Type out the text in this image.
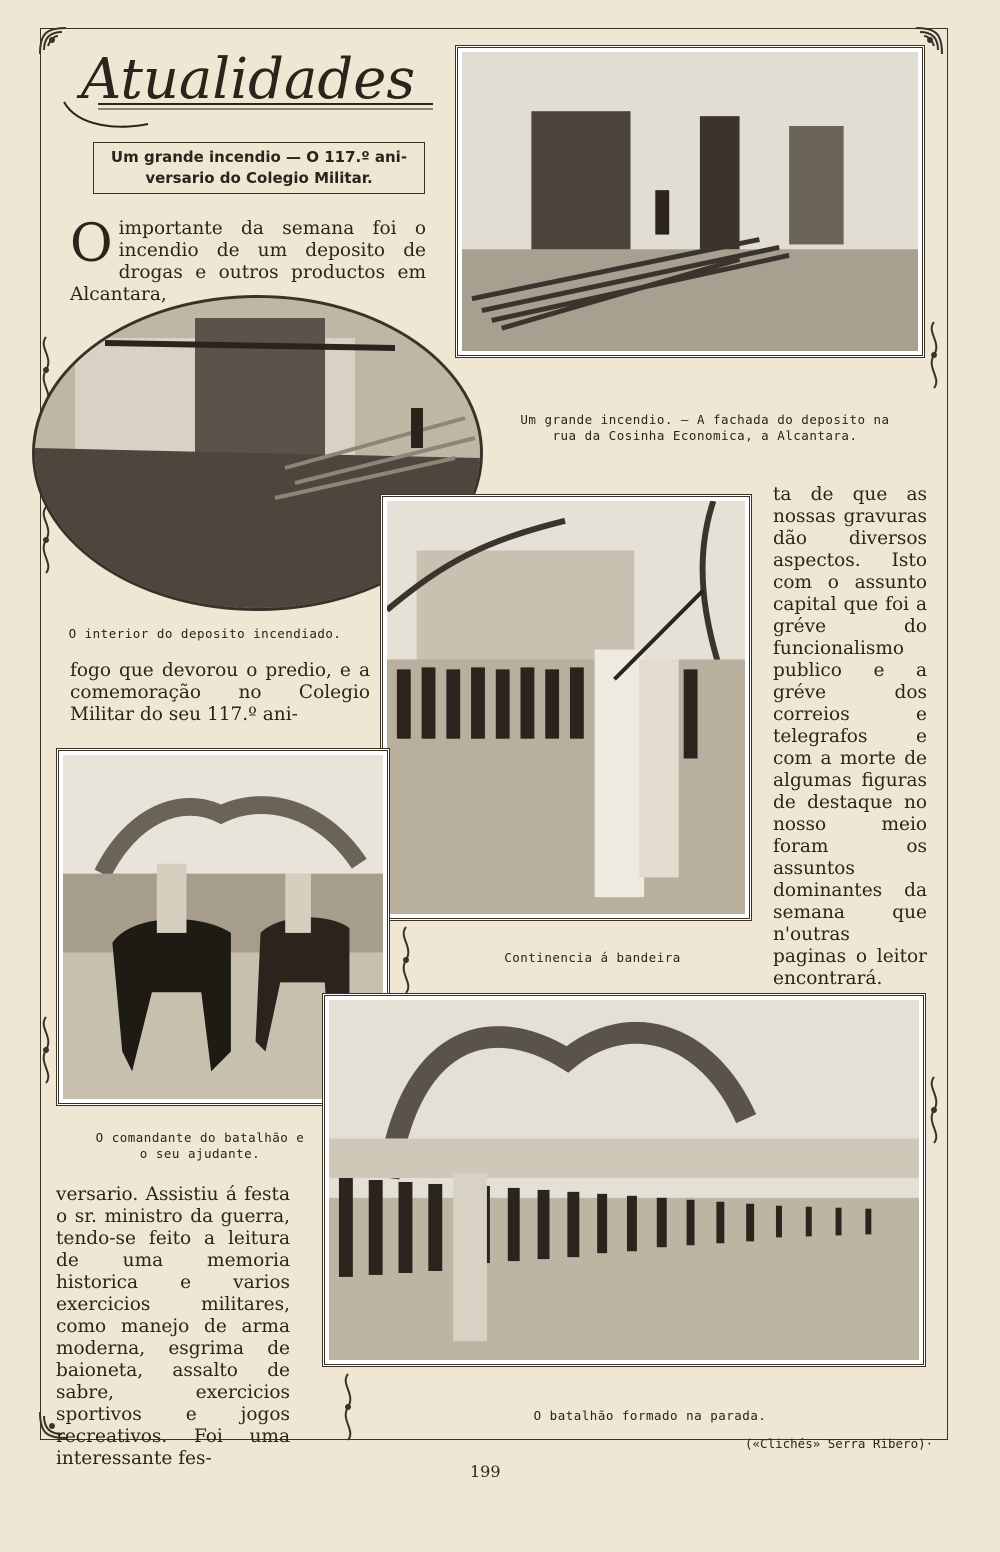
Atualidades
Um grande incendio — O 117.º ani-
versario do Colegio Militar.
O importante da semana foi o incendio de um deposito de drogas e outros productos em Alcantara,
Um grande incendio. — A fachada do deposito na
rua da Cosinha Economica, a Alcantara.
O interior do deposito incendiado.
fogo que devorou o predio, e a comemoração no Colegio Militar do seu 117.º ani-
ta de que as nossas gravuras dão diversos aspectos. Isto com o assunto capital que foi a gréve do funcionalismo publico e a gréve dos correios e telegrafos e com a morte de algumas figuras de destaque no nosso meio foram os assuntos dominantes da semana que n'outras paginas o leitor encontrará.
Continencia á bandeira
O comandante do batalhão e
o seu ajudante.
versario. Assistiu á festa o sr. ministro da guerra, tendo-se feito a leitura de uma memoria historica e varios exercicios militares, como manejo de arma moderna, esgrima de baioneta, assalto de sabre, exercicios sportivos e jogos recreativos. Foi uma interessante fes-
O batalhão formado na parada.
(«Clichés» Serra Ribero)·
199
